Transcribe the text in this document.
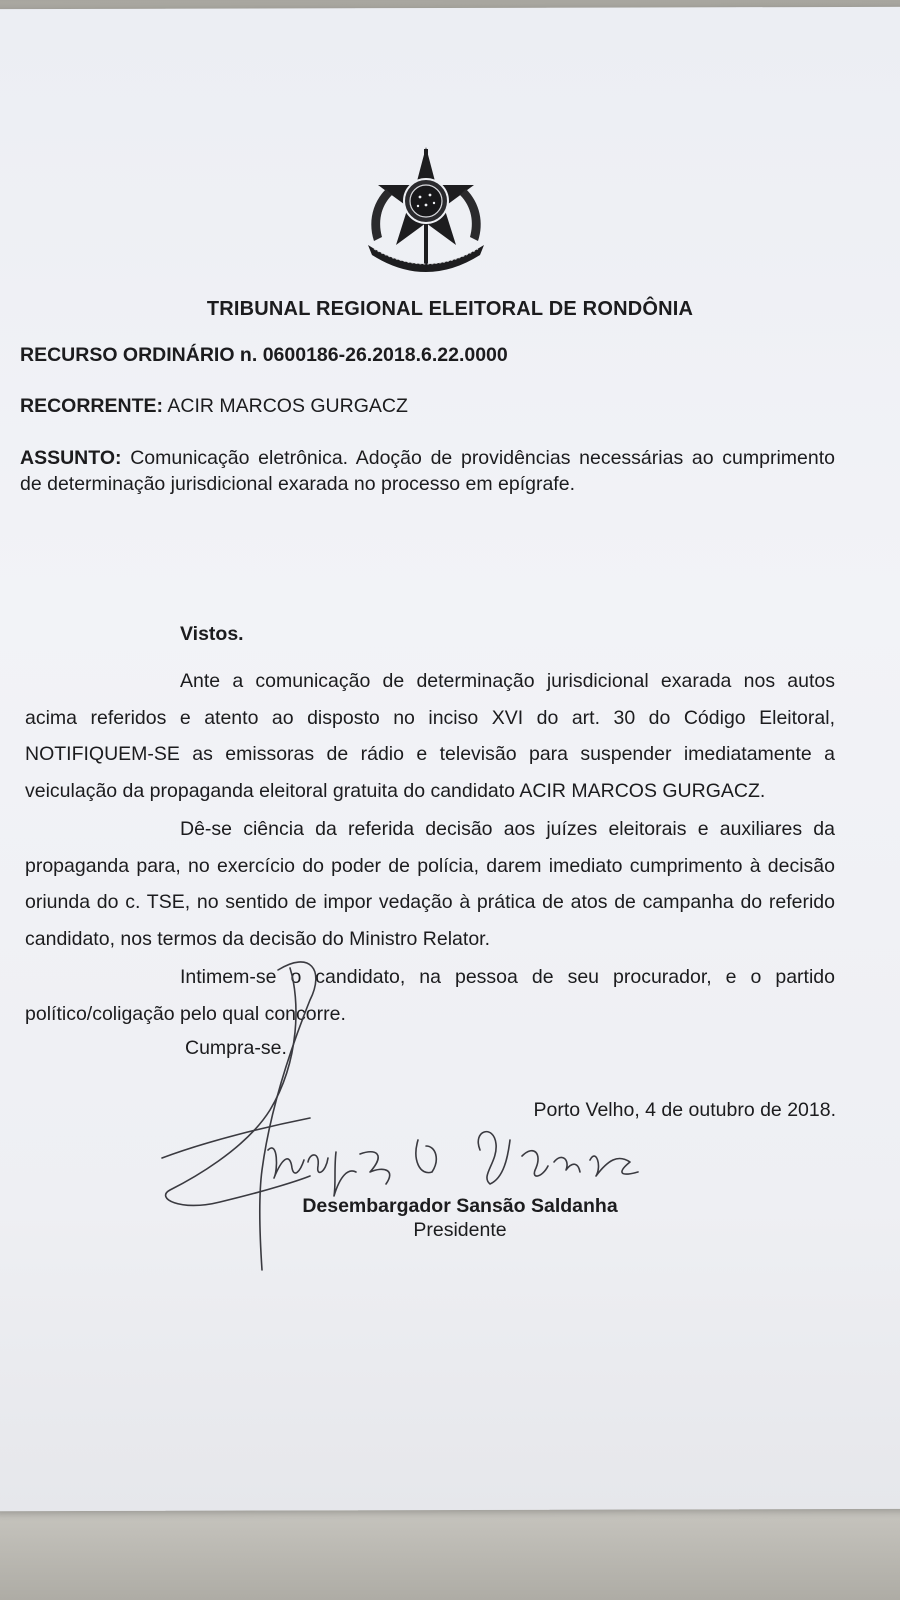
TRIBUNAL REGIONAL ELEITORAL DE RONDÔNIA
RECURSO ORDINÁRIO n. 0600186-26.2018.6.22.0000
RECORRENTE: ACIR MARCOS GURGACZ
ASSUNTO: Comunicação eletrônica. Adoção de providências necessárias ao cumprimento de determinação jurisdicional exarada no processo em epígrafe.
Vistos.
Ante a comunicação de determinação jurisdicional exarada nos autos acima referidos e atento ao disposto no inciso XVI do art. 30 do Código Eleitoral, NOTIFIQUEM-SE as emissoras de rádio e televisão para suspender imediatamente a veiculação da propaganda eleitoral gratuita do candidato ACIR MARCOS GURGACZ.
Dê-se ciência da referida decisão aos juízes eleitorais e auxiliares da propaganda para, no exercício do poder de polícia, darem imediato cumprimento à decisão oriunda do c. TSE, no sentido de impor vedação à prática de atos de campanha do referido candidato, nos termos da decisão do Ministro Relator.
Intimem-se o candidato, na pessoa de seu procurador, e o partido político/coligação pelo qual concorre.
Cumpra-se.
Porto Velho, 4 de outubro de 2018.
Desembargador Sansão Saldanha
Presidente
